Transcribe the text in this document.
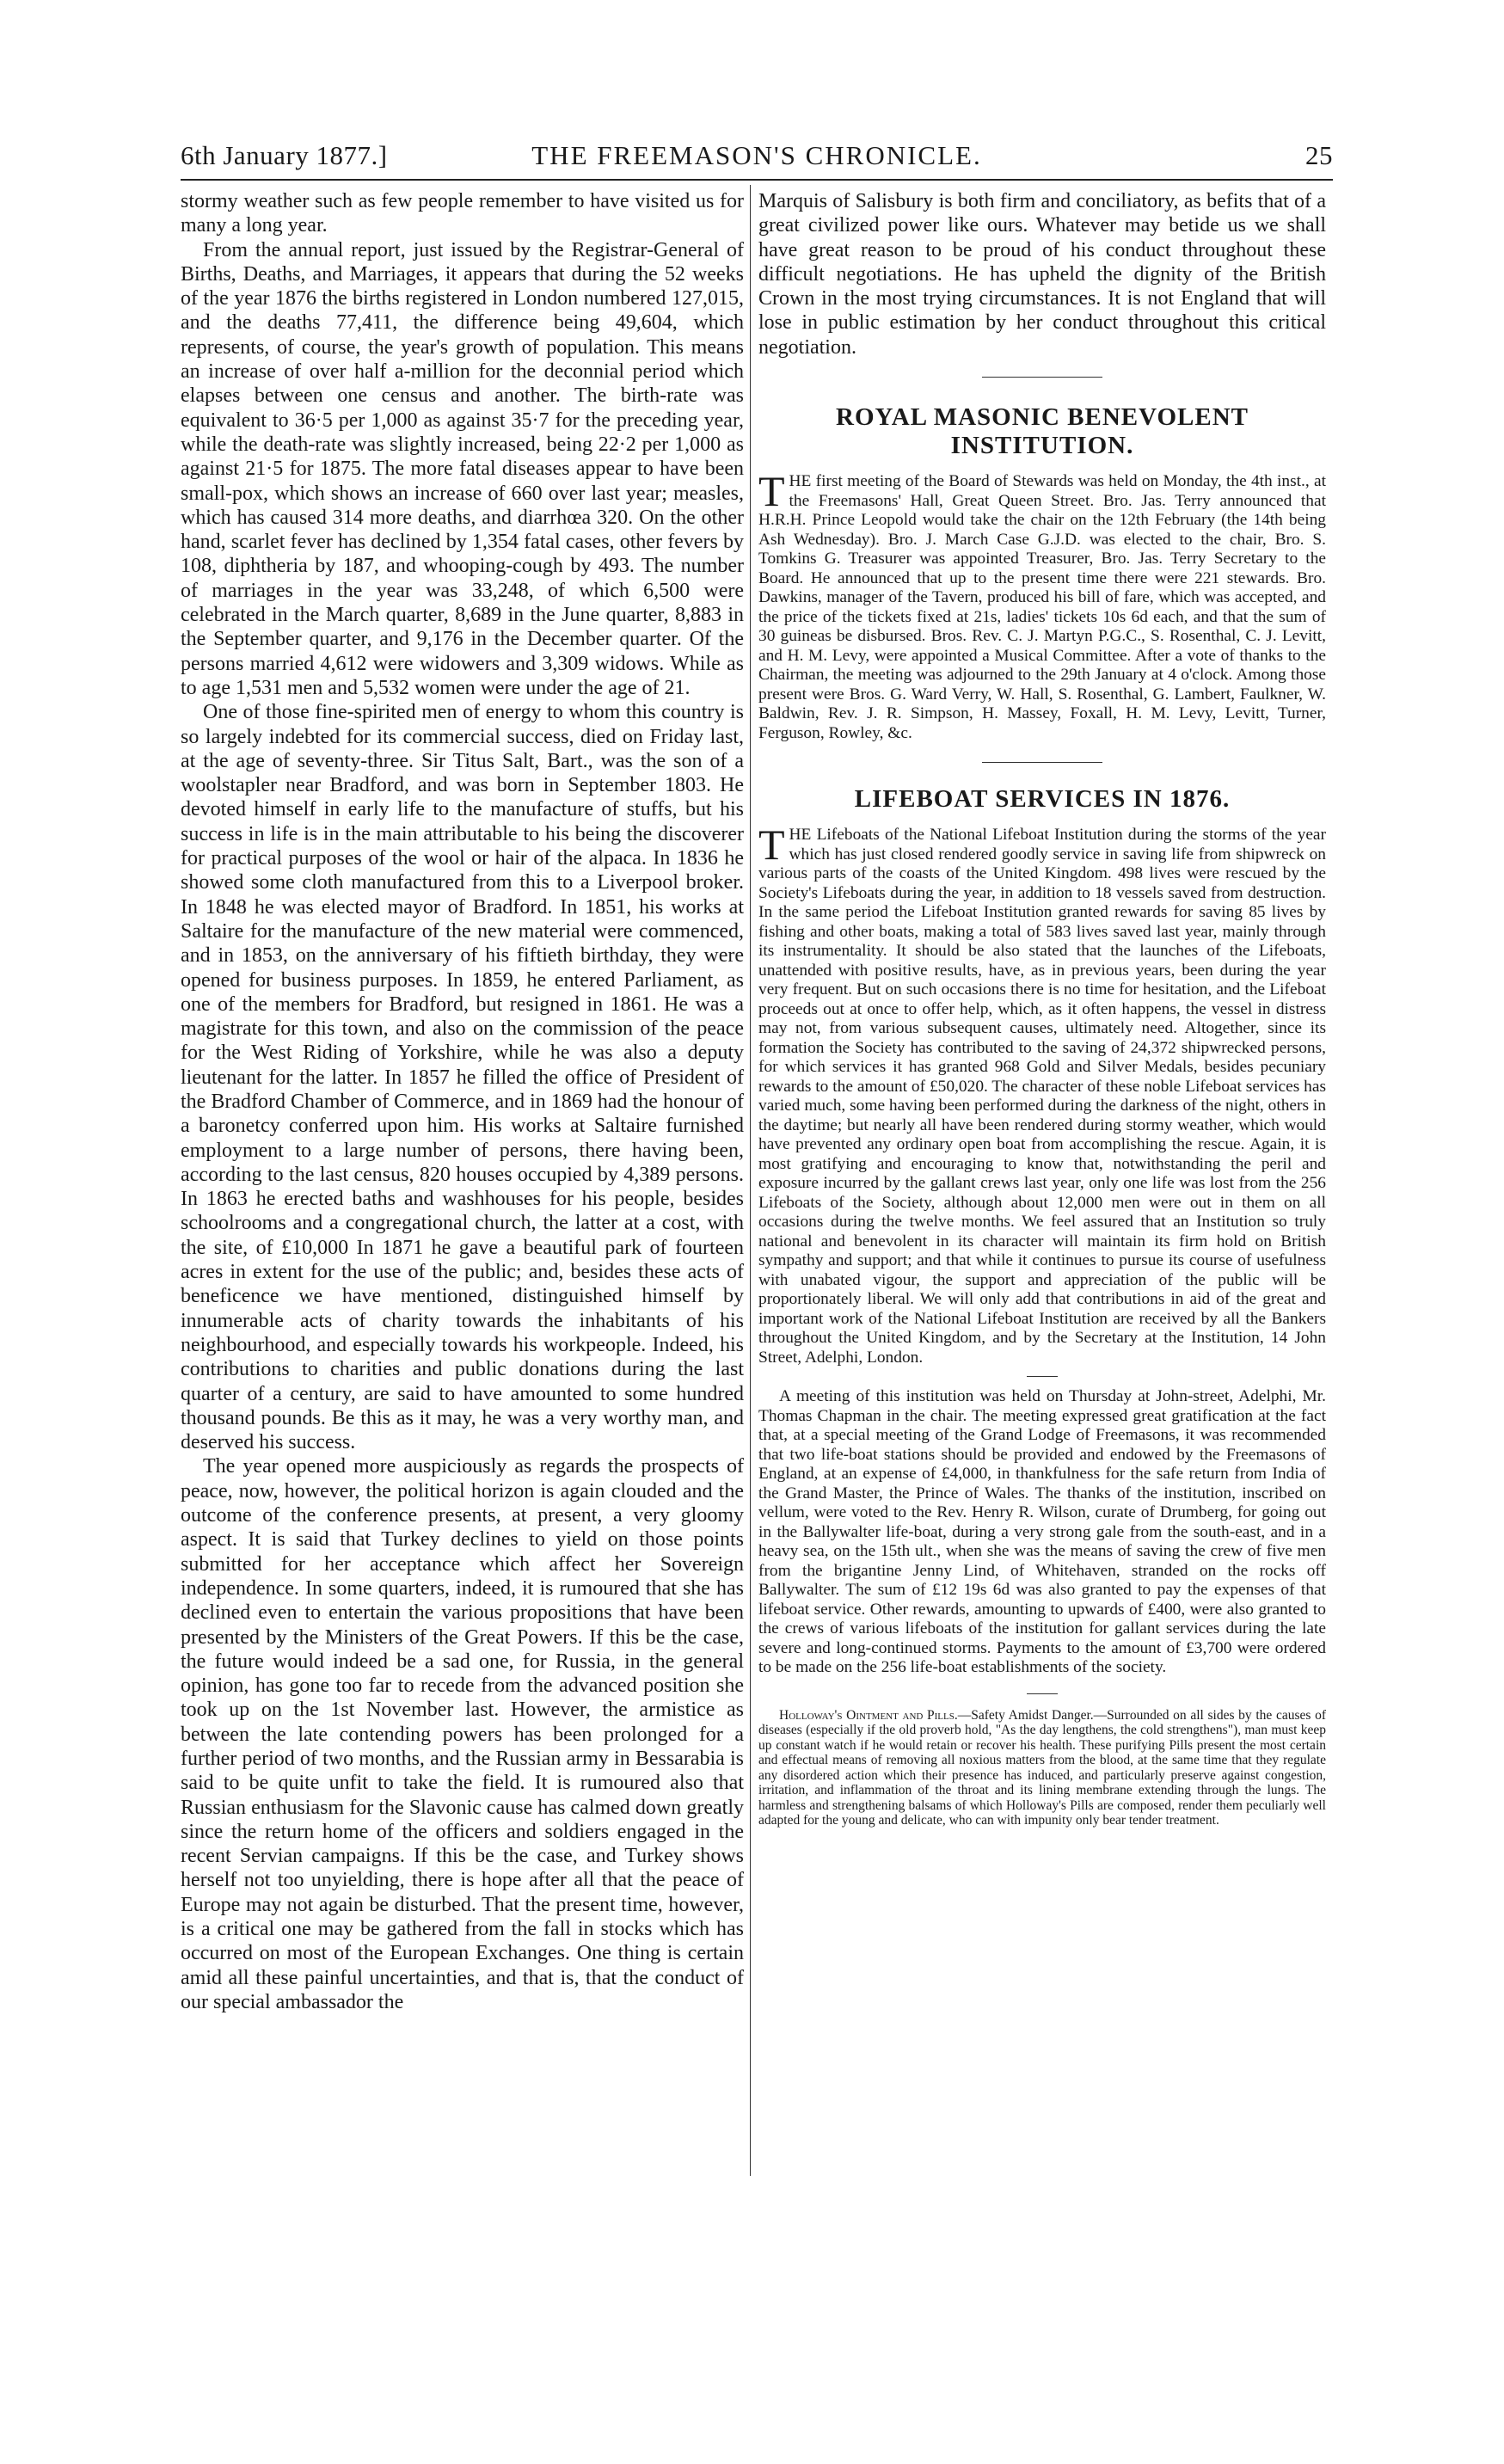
6th January 1877.]	THE FREEMASON'S CHRONICLE.	25

stormy weather such as few people remember to have visited us for many a long year.

From the annual report, just issued by the Registrar-General of Births, Deaths, and Marriages, it appears that during the 52 weeks of the year 1876 the births registered in London numbered 127,015, and the deaths 77,411, the difference being 49,604, which represents, of course, the year's growth of population. This means an increase of over half a-million for the deconnial period which elapses between one census and another. The birth-rate was equivalent to 36·5 per 1,000 as against 35·7 for the preceding year, while the death-rate was slightly increased, being 22·2 per 1,000 as against 21·5 for 1875. The more fatal diseases appear to have been small-pox, which shows an increase of 660 over last year; measles, which has caused 314 more deaths, and diarrhœa 320. On the other hand, scarlet fever has declined by 1,354 fatal cases, other fevers by 108, diphtheria by 187, and whooping-cough by 493. The number of marriages in the year was 33,248, of which 6,500 were celebrated in the March quarter, 8,689 in the June quarter, 8,883 in the September quarter, and 9,176 in the December quarter. Of the persons married 4,612 were widowers and 3,309 widows. While as to age 1,531 men and 5,532 women were under the age of 21.

One of those fine-spirited men of energy to whom this country is so largely indebted for its commercial success, died on Friday last, at the age of seventy-three. Sir Titus Salt, Bart., was the son of a woolstapler near Bradford, and was born in September 1803. He devoted himself in early life to the manufacture of stuffs, but his success in life is in the main attributable to his being the discoverer for practical purposes of the wool or hair of the alpaca. In 1836 he showed some cloth manufactured from this to a Liverpool broker. In 1848 he was elected mayor of Bradford. In 1851, his works at Saltaire for the manufacture of the new material were commenced, and in 1853, on the anniversary of his fiftieth birthday, they were opened for business purposes. In 1859, he entered Parliament, as one of the members for Bradford, but resigned in 1861. He was a magistrate for this town, and also on the commission of the peace for the West Riding of Yorkshire, while he was also a deputy lieutenant for the latter. In 1857 he filled the office of President of the Bradford Chamber of Commerce, and in 1869 had the honour of a baronetcy conferred upon him. His works at Saltaire furnished employment to a large number of persons, there having been, according to the last census, 820 houses occupied by 4,389 persons. In 1863 he erected baths and washhouses for his people, besides schoolrooms and a congregational church, the latter at a cost, with the site, of £10,000 In 1871 he gave a beautiful park of fourteen acres in extent for the use of the public; and, besides these acts of beneficence we have mentioned, distinguished himself by innumerable acts of charity towards the inhabitants of his neighbourhood, and especially towards his workpeople. Indeed, his contributions to charities and public donations during the last quarter of a century, are said to have amounted to some hundred thousand pounds. Be this as it may, he was a very worthy man, and deserved his success.

The year opened more auspiciously as regards the prospects of peace, now, however, the political horizon is again clouded and the outcome of the conference presents, at present, a very gloomy aspect. It is said that Turkey declines to yield on those points submitted for her acceptance which affect her Sovereign independence. In some quarters, indeed, it is rumoured that she has declined even to entertain the various propositions that have been presented by the Ministers of the Great Powers. If this be the case, the future would indeed be a sad one, for Russia, in the general opinion, has gone too far to recede from the advanced position she took up on the 1st November last. However, the armistice as between the late contending powers has been prolonged for a further period of two months, and the Russian army in Bessarabia is said to be quite unfit to take the field. It is rumoured also that Russian enthusiasm for the Slavonic cause has calmed down greatly since the return home of the officers and soldiers engaged in the recent Servian campaigns. If this be the case, and Turkey shows herself not too unyielding, there is hope after all that the peace of Europe may not again be disturbed. That the present time, however, is a critical one may be gathered from the fall in stocks which has occurred on most of the European Exchanges. One thing is certain amid all these painful uncertainties, and that is, that the conduct of our special ambassador the

Marquis of Salisbury is both firm and conciliatory, as befits that of a great civilized power like ours. Whatever may betide us we shall have great reason to be proud of his conduct throughout these difficult negotiations. He has upheld the dignity of the British Crown in the most trying circumstances. It is not England that will lose in public estimation by her conduct throughout this critical negotiation.

ROYAL MASONIC BENEVOLENT INSTITUTION.

THE first meeting of the Board of Stewards was held on Monday, the 4th inst., at the Freemasons' Hall, Great Queen Street. Bro. Jas. Terry announced that H.R.H. Prince Leopold would take the chair on the 12th February (the 14th being Ash Wednesday). Bro. J. March Case G.J.D. was elected to the chair, Bro. S. Tomkins G. Treasurer was appointed Treasurer, Bro. Jas. Terry Secretary to the Board. He announced that up to the present time there were 221 stewards. Bro. Dawkins, manager of the Tavern, produced his bill of fare, which was accepted, and the price of the tickets fixed at 21s, ladies' tickets 10s 6d each, and that the sum of 30 guineas be disbursed. Bros. Rev. C. J. Martyn P.G.C., S. Rosenthal, C. J. Levitt, and H. M. Levy, were appointed a Musical Committee. After a vote of thanks to the Chairman, the meeting was adjourned to the 29th January at 4 o'clock. Among those present were Bros. G. Ward Verry, W. Hall, S. Rosenthal, G. Lambert, Faulkner, W. Baldwin, Rev. J. R. Simpson, H. Massey, Foxall, H. M. Levy, Levitt, Turner, Ferguson, Rowley, &c.

LIFEBOAT SERVICES IN 1876.

THE Lifeboats of the National Lifeboat Institution during the storms of the year which has just closed rendered goodly service in saving life from shipwreck on various parts of the coasts of the United Kingdom. 498 lives were rescued by the Society's Lifeboats during the year, in addition to 18 vessels saved from destruction. In the same period the Lifeboat Institution granted rewards for saving 85 lives by fishing and other boats, making a total of 583 lives saved last year, mainly through its instrumentality. It should be also stated that the launches of the Lifeboats, unattended with positive results, have, as in previous years, been during the year very frequent. But on such occasions there is no time for hesitation, and the Lifeboat proceeds out at once to offer help, which, as it often happens, the vessel in distress may not, from various subsequent causes, ultimately need. Altogether, since its formation the Society has contributed to the saving of 24,372 shipwrecked persons, for which services it has granted 968 Gold and Silver Medals, besides pecuniary rewards to the amount of £50,020. The character of these noble Lifeboat services has varied much, some having been performed during the darkness of the night, others in the daytime; but nearly all have been rendered during stormy weather, which would have prevented any ordinary open boat from accomplishing the rescue. Again, it is most gratifying and encouraging to know that, notwithstanding the peril and exposure incurred by the gallant crews last year, only one life was lost from the 256 Lifeboats of the Society, although about 12,000 men were out in them on all occasions during the twelve months. We feel assured that an Institution so truly national and benevolent in its character will maintain its firm hold on British sympathy and support; and that while it continues to pursue its course of usefulness with unabated vigour, the support and appreciation of the public will be proportionately liberal. We will only add that contributions in aid of the great and important work of the National Lifeboat Institution are received by all the Bankers throughout the United Kingdom, and by the Secretary at the Institution, 14 John Street, Adelphi, London.

A meeting of this institution was held on Thursday at John-street, Adelphi, Mr. Thomas Chapman in the chair. The meeting expressed great gratification at the fact that, at a special meeting of the Grand Lodge of Freemasons, it was recommended that two life-boat stations should be provided and endowed by the Freemasons of England, at an expense of £4,000, in thankfulness for the safe return from India of the Grand Master, the Prince of Wales. The thanks of the institution, inscribed on vellum, were voted to the Rev. Henry R. Wilson, curate of Drumberg, for going out in the Ballywalter life-boat, during a very strong gale from the south-east, and in a heavy sea, on the 15th ult., when she was the means of saving the crew of five men from the brigantine Jenny Lind, of Whitehaven, stranded on the rocks off Ballywalter. The sum of £12 19s 6d was also granted to pay the expenses of that lifeboat service. Other rewards, amounting to upwards of £400, were also granted to the crews of various lifeboats of the institution for gallant services during the late severe and long-continued storms. Payments to the amount of £3,700 were ordered to be made on the 256 life-boat establishments of the society.

Holloway's Ointment and Pills.—Safety Amidst Danger.—Surrounded on all sides by the causes of diseases (especially if the old proverb hold, "As the day lengthens, the cold strengthens"), man must keep up constant watch if he would retain or recover his health. These purifying Pills present the most certain and effectual means of removing all noxious matters from the blood, at the same time that they regulate any disordered action which their presence has induced, and particularly preserve against congestion, irritation, and inflammation of the throat and its lining membrane extending through the lungs. The harmless and strengthening balsams of which Holloway's Pills are composed, render them peculiarly well adapted for the young and delicate, who can with impunity only bear tender treatment.
